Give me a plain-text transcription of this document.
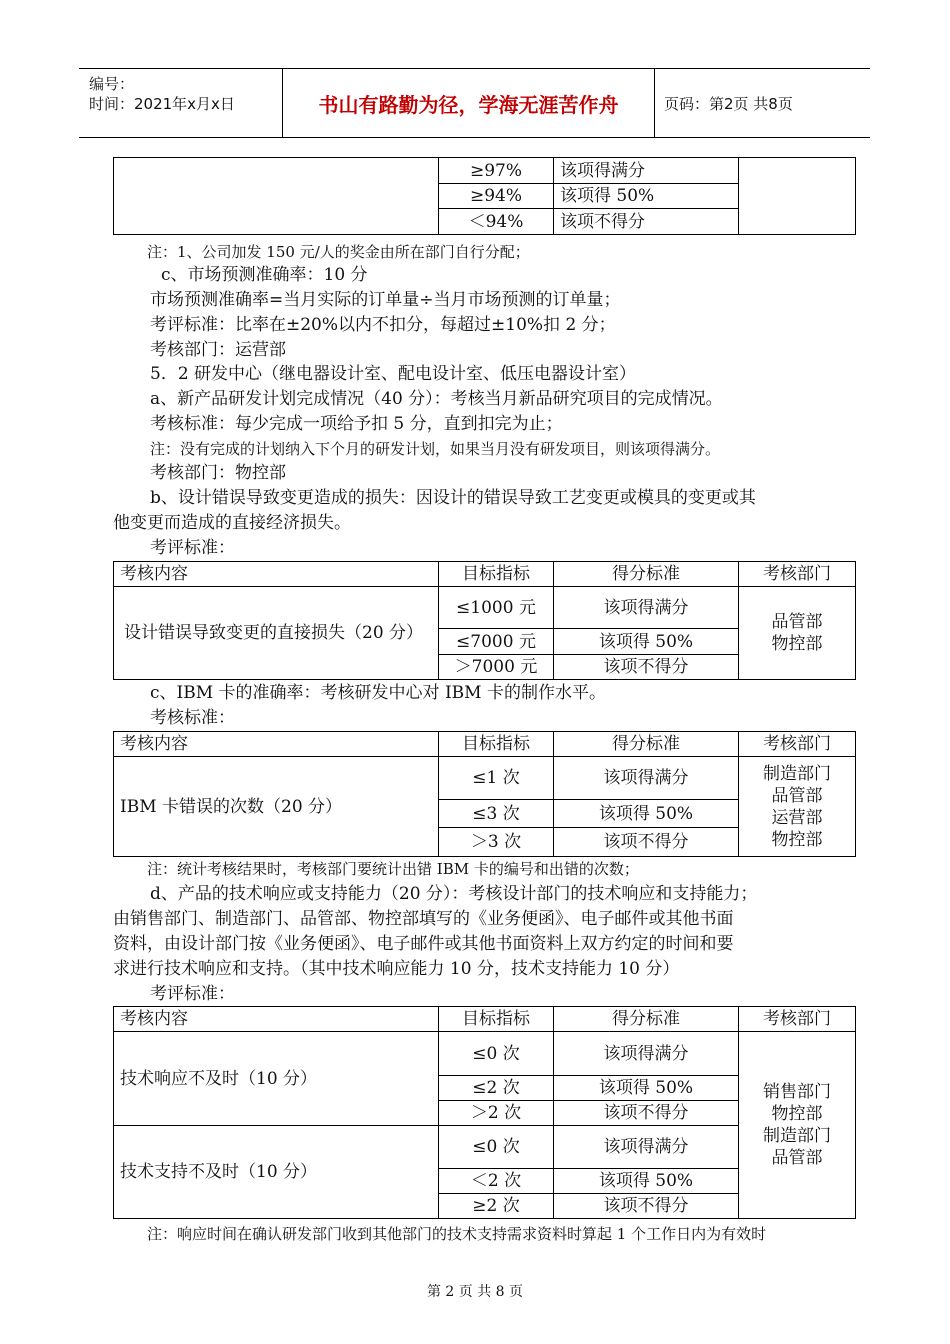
编号：
时间：2021年x月x日	书山有路勤为径，学海无涯苦作舟	页码：第2页 共8页
	≥97%	该项得满分	
	≥94%	该项得 50%	
	＜94%	该项不得分	
注：1、公司加发 150 元/人的奖金由所在部门自行分配；
c、市场预测准确率：10 分
市场预测准确率=当月实际的订单量÷当月市场预测的订单量；
考评标准：比率在±20%以内不扣分，每超过±10%扣 2 分；
考核部门：运营部
5．2 研发中心（继电器设计室、配电设计室、低压电器设计室）
a、新产品研发计划完成情况（40 分）：考核当月新品研究项目的完成情况。
考核标准：每少完成一项给予扣 5 分，直到扣完为止；
注：没有完成的计划纳入下个月的研发计划，如果当月没有研发项目，则该项得满分。
考核部门：物控部
b、设计错误导致变更造成的损失：因设计的错误导致工艺变更或模具的变更或其
他变更而造成的直接经济损失。
考评标准：
考核内容	目标指标	得分标准	考核部门
设计错误导致变更的直接损失（20 分）	≤1000 元	该项得满分	品管部
物控部

	≤7000 元	该项得 50%	
	＞7000 元	该项不得分	
c、IBM 卡的准确率：考核研发中心对 IBM 卡的制作水平。
考核标准：
考核内容	目标指标	得分标准	考核部门
IBM 卡错误的次数（20 分）	≤1 次	该项得满分	制造部门
品管部
运营部
物控部

	≤3 次	该项得 50%	
	＞3 次	该项不得分	
注：统计考核结果时，考核部门要统计出错 IBM 卡的编号和出错的次数；
d、产品的技术响应或支持能力（20 分）：考核设计部门的技术响应和支持能力；
由销售部门、制造部门、品管部、物控部填写的《业务便函》、电子邮件或其他书面
资料，由设计部门按《业务便函》、电子邮件或其他书面资料上双方约定的时间和要
求进行技术响应和支持。（其中技术响应能力 10 分，技术支持能力 10 分）
考评标准：
考核内容	目标指标	得分标准	考核部门
技术响应不及时（10 分）	≤0 次	该项得满分	销售部门
物控部
制造部门
品管部

	≤2 次	该项得 50%	
	＞2 次	该项不得分	
技术支持不及时（10 分）	≤0 次	该项得满分	
	＜2 次	该项得 50%	
	≥2 次	该项不得分	
注：响应时间在确认研发部门收到其他部门的技术支持需求资料时算起 1 个工作日内为有效时
第 2 页 共 8 页
